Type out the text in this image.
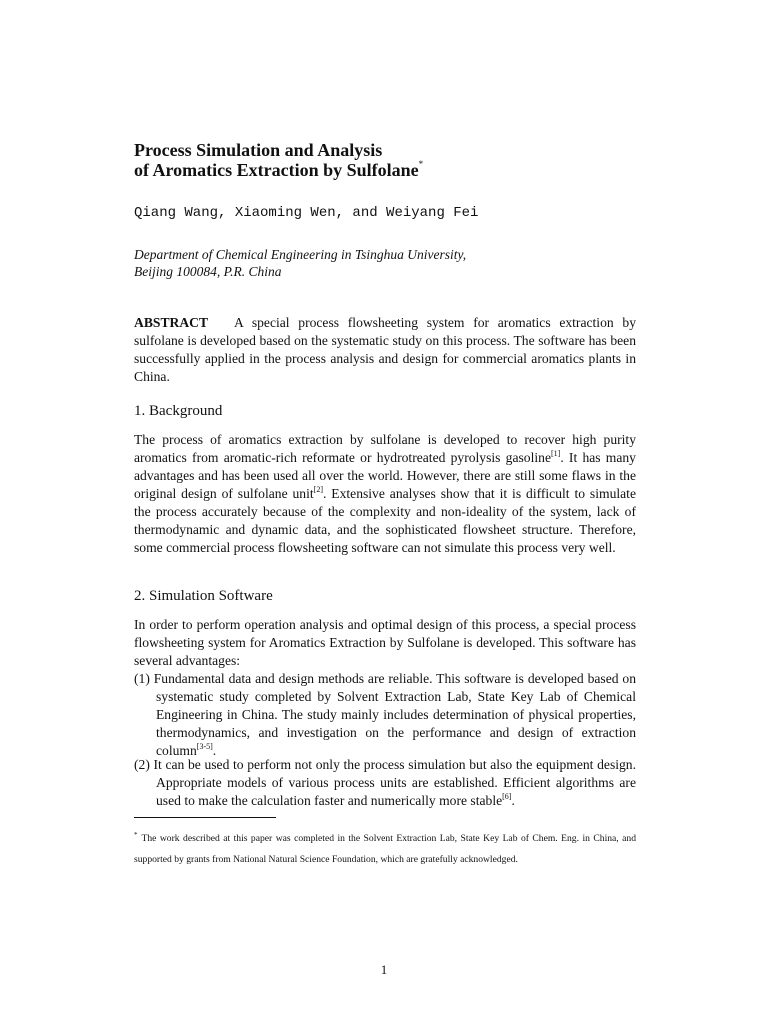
Process Simulation and Analysis
of Aromatics Extraction by Sulfolane*
Qiang Wang, Xiaoming Wen, and Weiyang Fei
Department of Chemical Engineering in Tsinghua University,
Beijing 100084, P.R. China
ABSTRACT A special process flowsheeting system for aromatics extraction by sulfolane is developed based on the systematic study on this process. The software has been successfully applied in the process analysis and design for commercial aromatics plants in China.
1. Background
The process of aromatics extraction by sulfolane is developed to recover high purity aromatics from aromatic-rich reformate or hydrotreated pyrolysis gasoline[1]. It has many advantages and has been used all over the world. However, there are still some flaws in the original design of sulfolane unit[2]. Extensive analyses show that it is difficult to simulate the process accurately because of the complexity and non-ideality of the system, lack of thermodynamic and dynamic data, and the sophisticated flowsheet structure. Therefore, some commercial process flowsheeting software can not simulate this process very well.
2. Simulation Software
In order to perform operation analysis and optimal design of this process, a special process flowsheeting system for Aromatics Extraction by Sulfolane is developed. This software has several advantages:
(1) Fundamental data and design methods are reliable. This software is developed based on systematic study completed by Solvent Extraction Lab, State Key Lab of Chemical Engineering in China. The study mainly includes determination of physical properties, thermodynamics, and investigation on the performance and design of extraction column[3-5].
(2) It can be used to perform not only the process simulation but also the equipment design. Appropriate models of various process units are established. Efficient algorithms are used to make the calculation faster and numerically more stable[6].
* The work described at this paper was completed in the Solvent Extraction Lab, State Key Lab of Chem. Eng. in China, and supported by grants from National Natural Science Foundation, which are gratefully acknowledged.
1
